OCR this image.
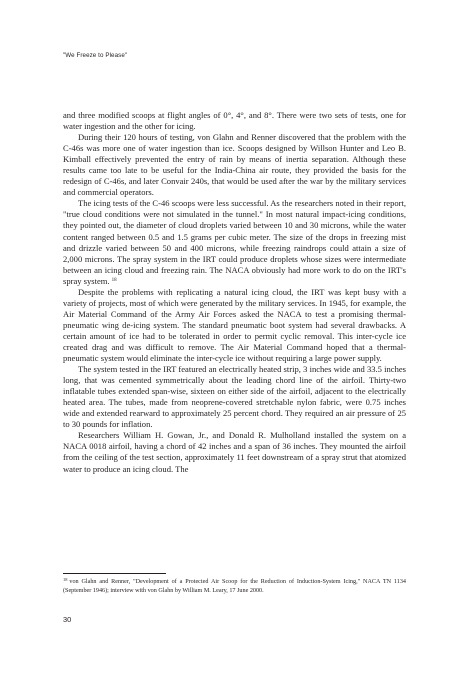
"We Freeze to Please"

and three modified scoops at flight angles of 0°, 4°, and 8°. There were two sets of tests, one for water ingestion and the other for icing.

During their 120 hours of testing, von Glahn and Renner discovered that the problem with the C-46s was more one of water ingestion than ice. Scoops designed by Willson Hunter and Leo B. Kimball effectively prevented the entry of rain by means of inertia separation. Although these results came too late to be useful for the India-China air route, they provided the basis for the redesign of C-46s, and later Convair 240s, that would be used after the war by the military services and commercial operators.

The icing tests of the C-46 scoops were less successful. As the researchers noted in their report, "true cloud conditions were not simulated in the tunnel." In most natural impact-icing conditions, they pointed out, the diameter of cloud droplets varied between 10 and 30 microns, while the water content ranged between 0.5 and 1.5 grams per cubic meter. The size of the drops in freezing mist and drizzle varied between 50 and 400 microns, while freezing raindrops could attain a size of 2,000 microns. The spray system in the IRT could produce droplets whose sizes were intermediate between an icing cloud and freezing rain. The NACA obviously had more work to do on the IRT's spray system. $^{18}$

Despite the problems with replicating a natural icing cloud, the IRT was kept busy with a variety of projects, most of which were generated by the military services. In 1945, for example, the Air Material Command of the Army Air Forces asked the NACA to test a promising thermal-pneumatic wing de-icing system. The standard pneumatic boot system had several drawbacks. A certain amount of ice had to be tolerated in order to permit cyclic removal. This inter-cycle ice created drag and was difficult to remove. The Air Material Command hoped that a thermal-pneumatic system would eliminate the inter-cycle ice without requiring a large power supply.

The system tested in the IRT featured an electrically heated strip, 3 inches wide and 33.5 inches long, that was cemented symmetrically about the leading chord line of the airfoil. Thirty-two inflatable tubes extended span-wise, sixteen on either side of the airfoil, adjacent to the electrically heated area. The tubes, made from neoprene-covered stretchable nylon fabric, were 0.75 inches wide and extended rearward to approximately 25 percent chord. They required an air pressure of 25 to 30 pounds for inflation.

Researchers William H. Gowan, Jr., and Donald R. Mulholland installed the system on a NACA 0018 airfoil, having a chord of 42 inches and a span of 36 inches. They mounted the airfoil from the ceiling of the test section, approximately 11 feet downstream of a spray strut that atomized water to produce an icing cloud. The

$^{18}$ von Glahn and Renner, "Development of a Protected Air Scoop for the Reduction of Induction-System Icing," NACA TN 1134 (September 1946); interview with von Glahn by William M. Leary, 17 June 2000.
30
